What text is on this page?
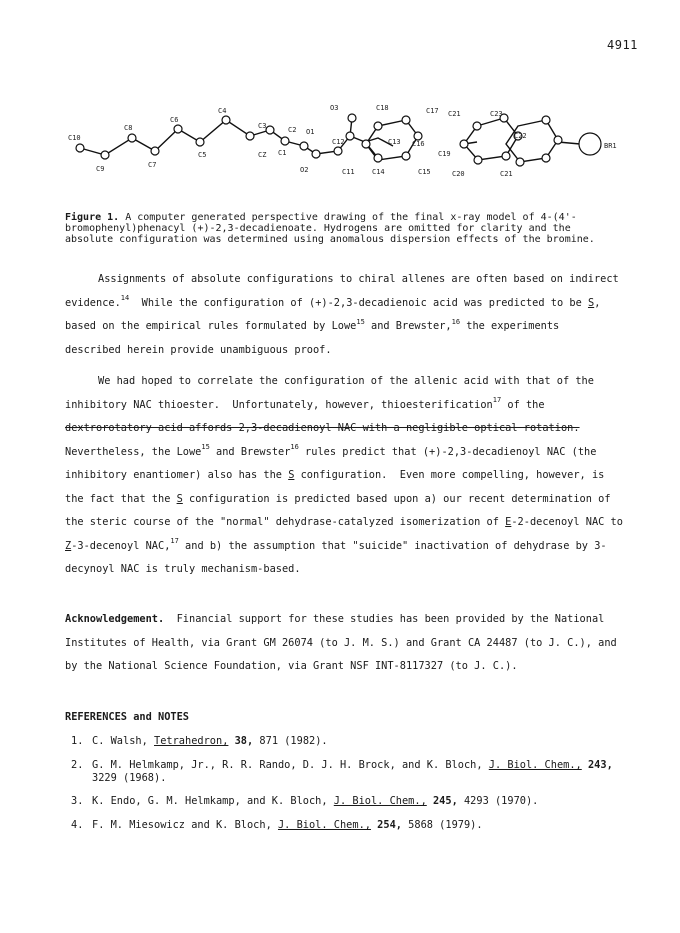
4911
C10
C9
C8
C7
C6
C5
C4
CZ
C3	C2
C1
O1
O2
C12
C11
C18	C17
C13 C16
C14	C15
C21
C19
C20
C23
C22
C21
BR1
O3
Figure 1. A computer generated perspective drawing of the final x-ray model of 4-(4'-
bromophenyl)phenacyl (+)-2,3-decadienoate. Hydrogens are omitted for clarity and the
absolute configuration was determined using anomalous dispersion effects of the bromine.
Assignments of absolute configurations to chiral allenes are often based on indirect
evidence.$^{14}$  While the configuration of (+)-2,3-decadienoic acid was predicted to be S,
based on the empirical rules formulated by Lowe$^{15}$ and Brewster,$^{16}$ the experiments
described herein provide unambiguous proof.
We had hoped to correlate the configuration of the allenic acid with that of the
inhibitory NAC thioester.  Unfortunately, however, thioesterification$^{17}$ of the
dextrorotatory acid affords 2,3-decadienoyl NAC with a negligible optical rotation.
Nevertheless, the Lowe$^{15}$ and Brewster$^{16}$ rules predict that (+)-2,3-decadienoyl NAC (the
inhibitory enantiomer) also has the S configuration.  Even more compelling, however, is
the fact that the S configuration is predicted based upon a) our recent determination of
the steric course of the "normal" dehydrase-catalyzed isomerization of E-2-decenoyl NAC to
Z-3-decenoyl NAC,$^{17}$ and b) the assumption that "suicide" inactivation of dehydrase by 3-
decynoyl NAC is truly mechanism-based.
Acknowledgement.  Financial support for these studies has been provided by the National
Institutes of Health, via Grant GM 26074 (to J. M. S.) and Grant CA 24487 (to J. C.), and
by the National Science Foundation, via Grant NSF INT-8117327 (to J. C.).
REFERENCES and NOTES
1. C. Walsh, Tetrahedron, 38, 871 (1982).
2. G. M. Helmkamp, Jr., R. R. Rando, D. J. H. Brock, and K. Bloch, J. Biol. Chem., 243,
3229 (1968).
3. K. Endo, G. M. Helmkamp, and K. Bloch, J. Biol. Chem., 245, 4293 (1970).
4. F. M. Miesowicz and K. Bloch, J. Biol. Chem., 254, 5868 (1979).
